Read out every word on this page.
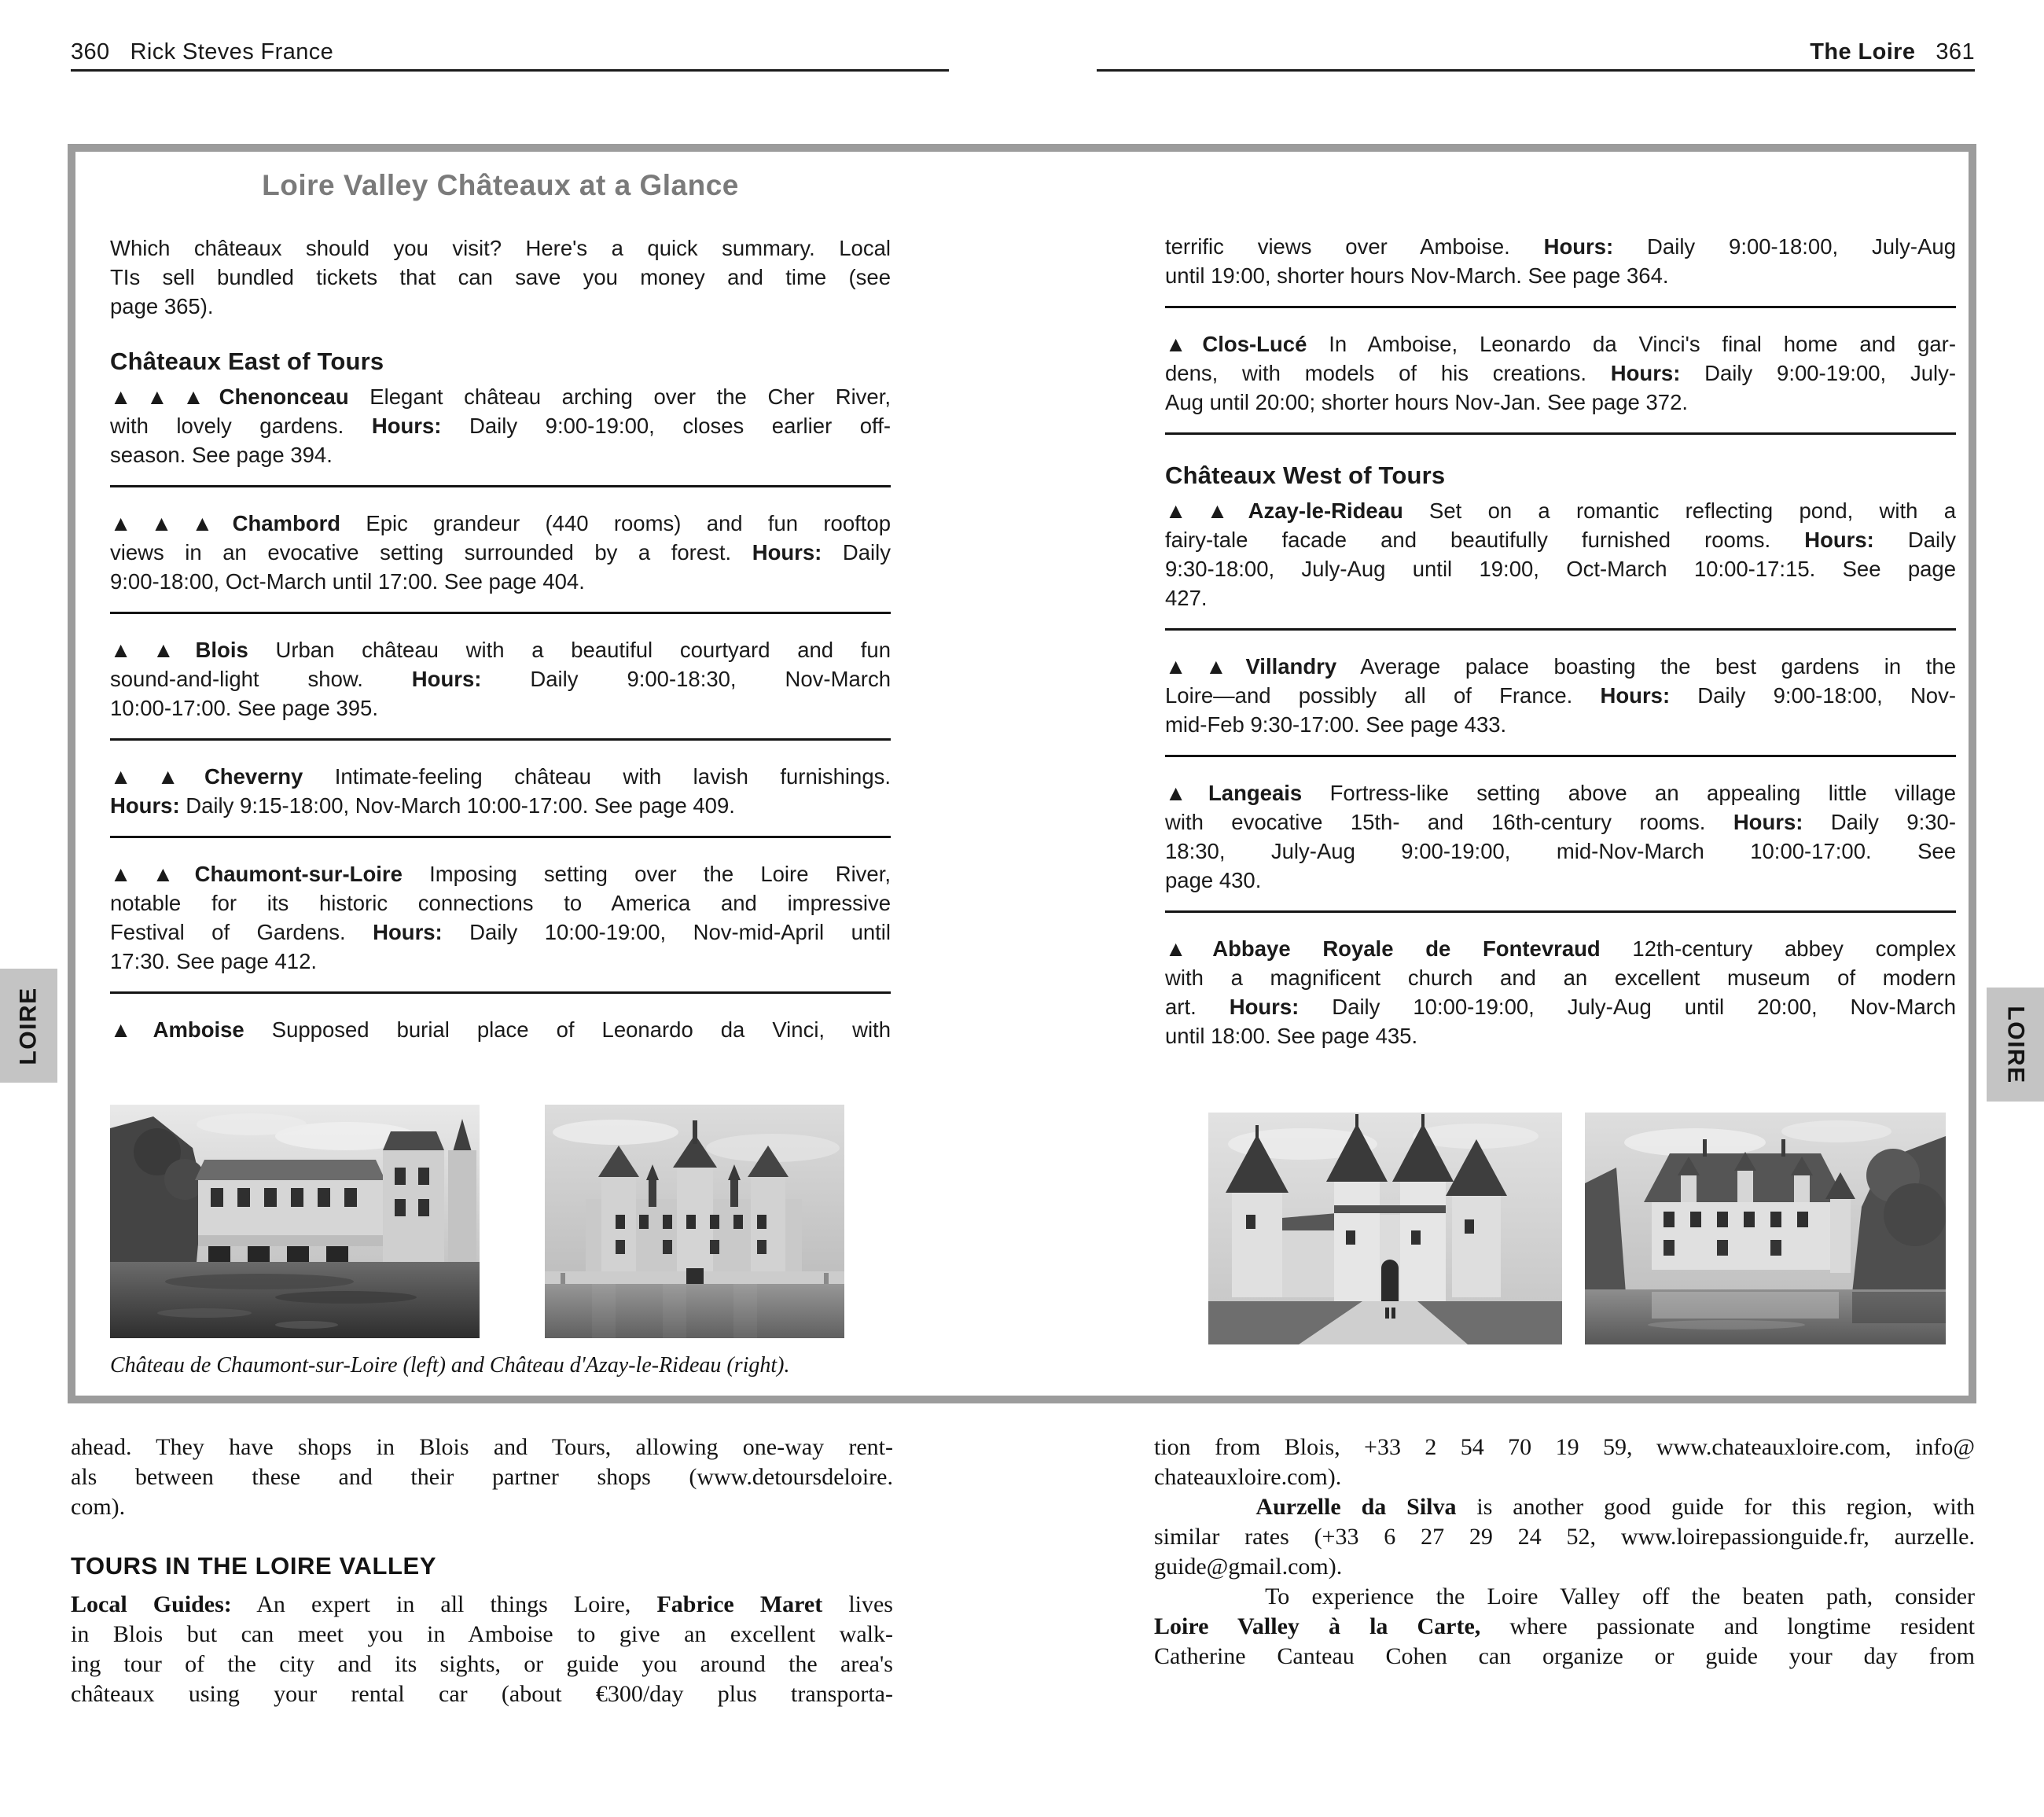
360 Rick Steves France	The Loire 361
Loire Valley Châteaux at a Glance
Which châteaux should you visit? Here's a quick summary. Local
TIs sell bundled tickets that can save you money and time (see
page 365).
Châteaux East of Tours
▲▲▲Chenonceau Elegant château arching over the Cher River,
with lovely gardens. Hours: Daily 9:00-19:00, closes earlier off-
season. See page 394.
▲▲▲Chambord Epic grandeur (440 rooms) and fun rooftop
views in an evocative setting surrounded by a forest. Hours: Daily
9:00-18:00, Oct-March until 17:00. See page 404.
▲▲Blois Urban château with a beautiful courtyard and fun
sound-and-light show. Hours: Daily 9:00-18:30, Nov-March
10:00-17:00. See page 395.
▲▲Cheverny Intimate-feeling château with lavish furnishings.
Hours: Daily 9:15-18:00, Nov-March 10:00-17:00. See page 409.
▲▲Chaumont-sur-Loire Imposing setting over the Loire River,
notable for its historic connections to America and impressive
Festival of Gardens. Hours: Daily 10:00-19:00, Nov-mid-April until
17:30. See page 412.
▲Amboise Supposed burial place of Leonardo da Vinci, with
terrific views over Amboise. Hours: Daily 9:00-18:00, July-Aug
until 19:00, shorter hours Nov-March. See page 364.
▲Clos-Lucé In Amboise, Leonardo da Vinci's final home and gar-
dens, with models of his creations. Hours: Daily 9:00-19:00, July-
Aug until 20:00; shorter hours Nov-Jan. See page 372.
Châteaux West of Tours
▲▲Azay-le-Rideau Set on a romantic reflecting pond, with a
fairy-tale facade and beautifully furnished rooms. Hours: Daily
9:30-18:00, July-Aug until 19:00, Oct-March 10:00-17:15. See page
427.
▲▲Villandry Average palace boasting the best gardens in the
Loire—and possibly all of France. Hours: Daily 9:00-18:00, Nov-
mid-Feb 9:30-17:00. See page 433.
▲Langeais Fortress-like setting above an appealing little village
with evocative 15th- and 16th-century rooms. Hours: Daily 9:30-
18:30, July-Aug 9:00-19:00, mid-Nov-March 10:00-17:00. See
page 430.
▲Abbaye Royale de Fontevraud 12th-century abbey complex
with a magnificent church and an excellent museum of modern
art. Hours: Daily 10:00-19:00, July-Aug until 20:00, Nov-March
until 18:00. See page 435.
Château de Chaumont-sur-Loire (left) and Château d'Azay-le-Rideau (right).
ahead. They have shops in Blois and Tours, allowing one-way rent-
als between these and their partner shops (www.detoursdeloire.
com).
TOURS IN THE LOIRE VALLEY
Local Guides: An expert in all things Loire, Fabrice Maret lives
in Blois but can meet you in Amboise to give an excellent walk-
ing tour of the city and its sights, or guide you around the area's
châteaux using your rental car (about €300/day plus transporta-
tion from Blois, +33 2 54 70 19 59, www.chateauxloire.com, info@
chateauxloire.com).
Aurzelle da Silva is another good guide for this region, with
similar rates (+33 6 27 29 24 52, www.loirepassionguide.fr, aurzelle.
guide@gmail.com).
To experience the Loire Valley off the beaten path, consider
Loire Valley à la Carte, where passionate and longtime resident
Catherine Canteau Cohen can organize or guide your day from
LOIRE	LOIRE
